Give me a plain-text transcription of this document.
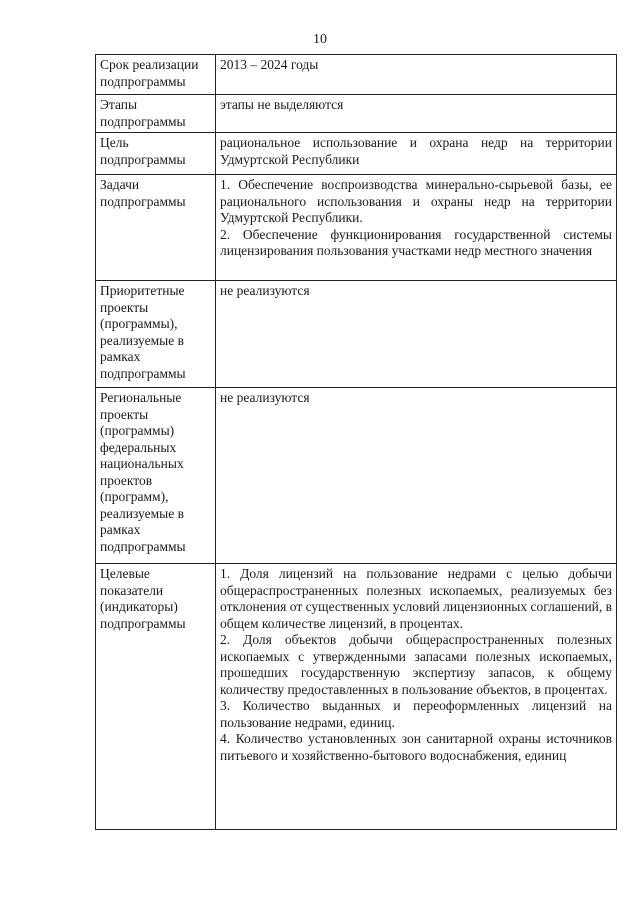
10
Срок реализации подпрограммы	2013 – 2024 годы

Этапы подпрограммы	этапы не выделяются

Цель подпрограммы	рациональное использование и охрана недр на территории Удмуртской Республики

Задачи подпрограммы	1. Обеспечение воспроизводства минерально-сырьевой базы, ее рационального использования и охраны недр на территории Удмуртской Республики.
2. Обеспечение функционирования государственной системы лицензирования пользования участками недр местного значения

Приоритетные проекты (программы), реализуемые в рамках подпрограммы	не реализуются

Региональные проекты (программы) федеральных национальных проектов (программ), реализуемые в рамках подпрограммы	не реализуются

Целевые показатели (индикаторы) подпрограммы	1. Доля лицензий на пользование недрами с целью добычи общераспространенных полезных ископаемых, реализуемых без отклонения от существенных условий лицензионных соглашений, в общем количестве лицензий, в процентах.
2. Доля объектов добычи общераспространенных полезных ископаемых с утвержденными запасами полезных ископаемых, прошедших государственную экспертизу запасов, к общему количеству предоставленных в пользование объектов, в процентах.
3. Количество выданных и переоформленных лицензий на пользование недрами, единиц.
4. Количество установленных зон санитарной охраны источников питьевого и хозяйственно-бытового водоснабжения, единиц
